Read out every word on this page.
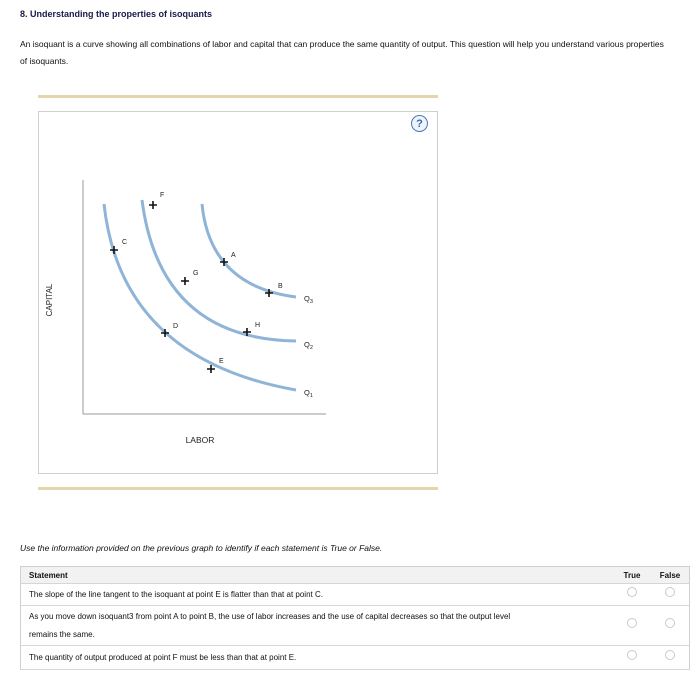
8. Understanding the properties of isoquants
An isoquant is a curve showing all combinations of labor and capital that can produce the same quantity of output. This question will help you understand various properties of isoquants.
?
CAPITAL
LABOR
$Q_3$
$Q_2$
$Q_1$
F
C
A
G
B
H
D
E
Use the information provided on the previous graph to identify if each statement is True or False.
Statement	True	False
The slope of the line tangent to the isoquant at point E is flatter than that at point C.		
As you move down isoquant3 from point A to point B, the use of labor increases and the use of capital decreases so that the output level remains the same.		
The quantity of output produced at point F must be less than that at point E.		
